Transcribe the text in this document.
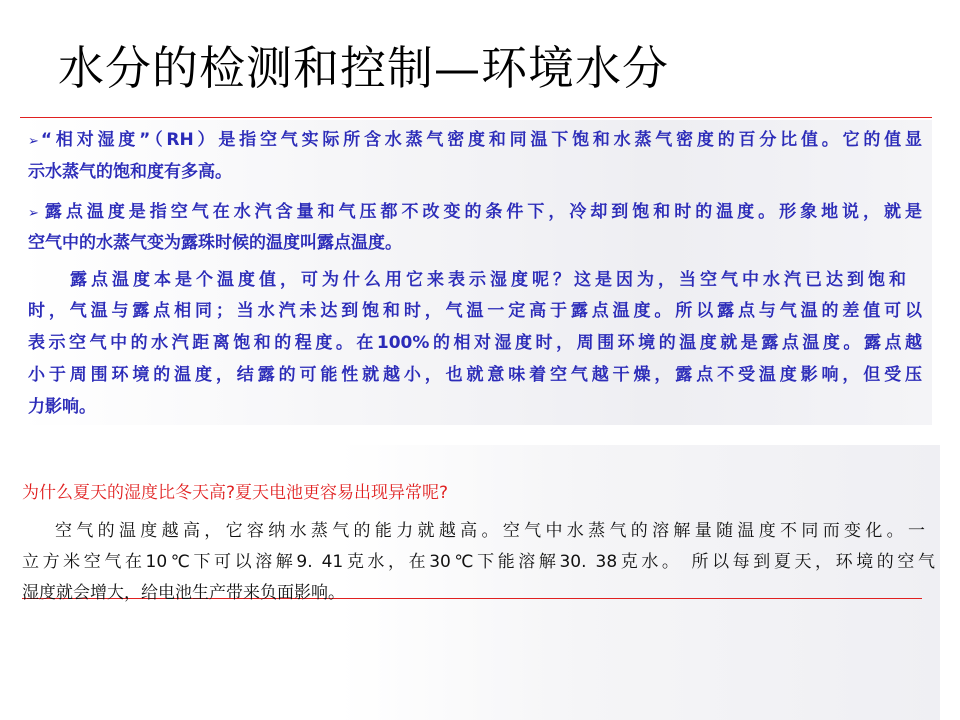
水分的检测和控制—环境水分
➢ “相对湿度”（RH）是指空气实际所含水蒸气密度和同温下饱和水蒸气密度的百分比值。它的值显
示水蒸气的饱和度有多高。
➢ 露点温度是指空气在水汽含量和气压都不改变的条件下，冷却到饱和时的温度。形象地说，就是
空气中的水蒸气变为露珠时候的温度叫露点温度。
露点温度本是个温度值，可为什么用它来表示湿度呢？这是因为，当空气中水汽已达到饱和
时，气温与露点相同；当水汽未达到饱和时，气温一定高于露点温度。所以露点与气温的差值可以
表示空气中的水汽距离饱和的程度。在100%的相对湿度时，周围环境的温度就是露点温度。露点越
小于周围环境的温度，结露的可能性就越小，也就意味着空气越干燥，露点不受温度影响，但受压
力影响。
为什么夏天的湿度比冬天高?夏天电池更容易出现异常呢?
空气的温度越高，它容纳水蒸气的能力就越高。空气中水蒸气的溶解量随温度不同而变化。一
立方米空气在10℃下可以溶解9. 41克水，在30℃下能溶解30. 38克水。 所以每到夏天，环境的空气
湿度就会增大，给电池生产带来负面影响。
